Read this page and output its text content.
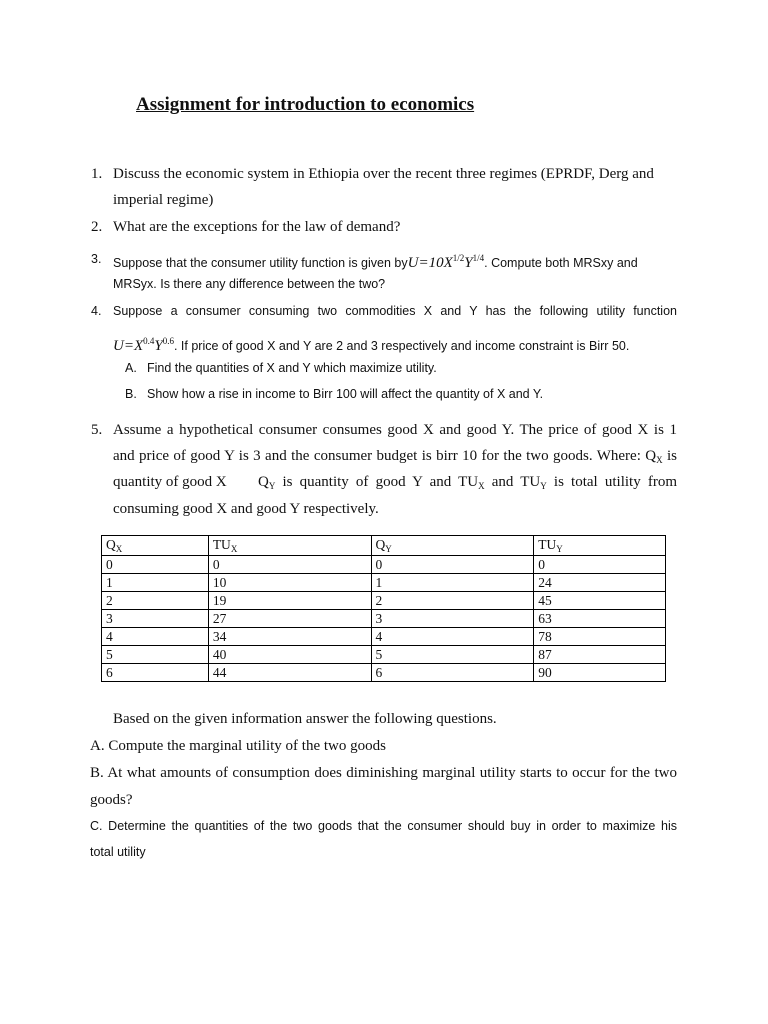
Assignment for introduction to economics
1. Discuss the economic system in Ethiopia over the recent three regimes (EPRDF, Derg and
imperial regime)
2. What are the exceptions for the law of demand?
3. Suppose that the consumer utility function is given $byU=10X^{1/2}Y^{1/4}$. Compute both MRSxy and
MRSyx. Is there any difference between the two?
4. Suppose a consumer consuming two commodities X and Y has the following utility function
$U=X^{0.4}Y^{0.6}$. If price of good X and Y are 2 and 3 respectively and income constraint is Birr 50.
A. Find the quantities of X and Y which maximize utility.
B. Show how a rise in income to Birr 100 will affect the quantity of X and Y.
5. Assume a hypothetical consumer consumes good X and good Y. The price of good X is 1
and price of good Y is 3 and the consumer budget is birr 10 for the two goods. Where: $Q_X$ is
quantity of good X $Q_Y$ is quantity of good Y and $TU_X$ and $TU_Y$ is total utility from
consuming good X and good Y respectively.
$Q_X$	$TU_X$	$Q_Y$	$TU_Y$
0	0	0	0
1	10	1	24
2	19	2	45
3	27	3	63
4	34	4	78
5	40	5	87
6	44	6	90
Based on the given information answer the following questions.
A. Compute the marginal utility of the two goods
B. At what amounts of consumption does diminishing marginal utility starts to occur for the two
goods?
C. Determine the quantities of the two goods that the consumer should buy in order to maximize his
total utility
